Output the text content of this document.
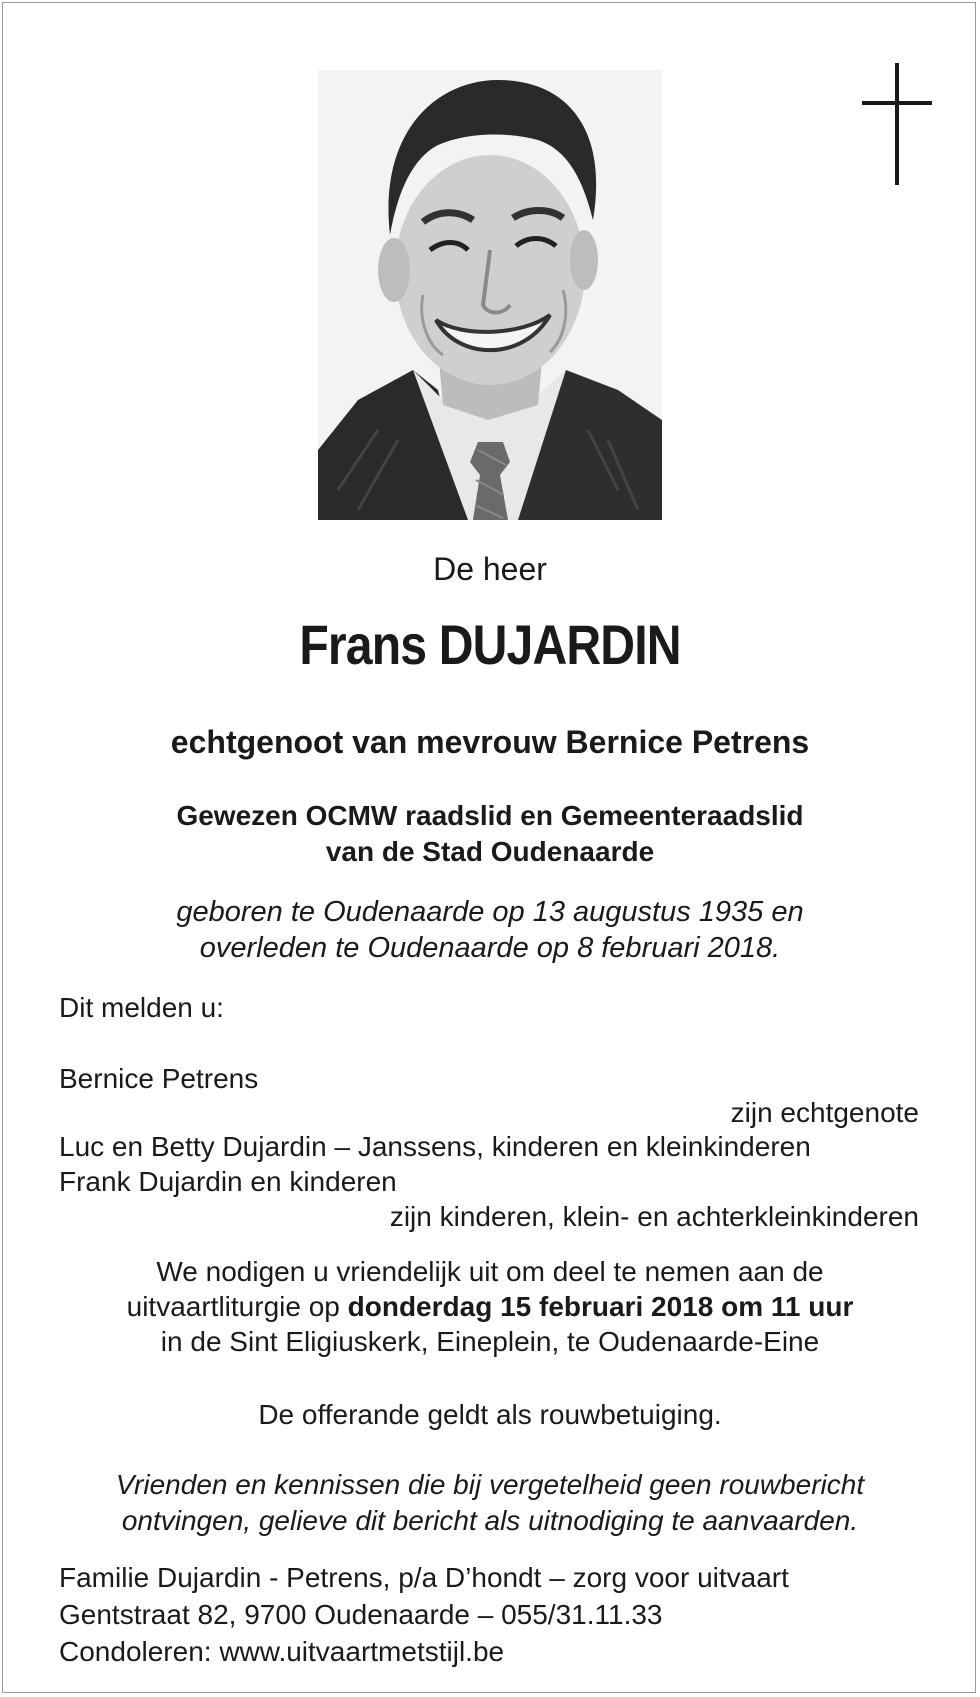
De heer
Frans DUJARDIN
echtgenoot van mevrouw Bernice Petrens
Gewezen OCMW raadslid en Gemeenteraadslid
van de Stad Oudenaarde
geboren te Oudenaarde op 13 augustus 1935 en
overleden te Oudenaarde op 8 februari 2018.
Dit melden u:
Bernice Petrens
zijn echtgenote
Luc en Betty Dujardin – Janssens, kinderen en kleinkinderen
Frank Dujardin en kinderen
zijn kinderen, klein- en achterkleinkinderen
We nodigen u vriendelijk uit om deel te nemen aan de
uitvaartliturgie op donderdag 15 februari 2018 om 11 uur
in de Sint Eligiuskerk, Eineplein, te Oudenaarde-Eine
De offerande geldt als rouwbetuiging.
Vrienden en kennissen die bij vergetelheid geen rouwbericht
ontvingen, gelieve dit bericht als uitnodiging te aanvaarden.
Familie Dujardin - Petrens, p/a D’hondt – zorg voor uitvaart
Gentstraat 82, 9700 Oudenaarde – 055/31.11.33
Condoleren: www.uitvaartmetstijl.be
